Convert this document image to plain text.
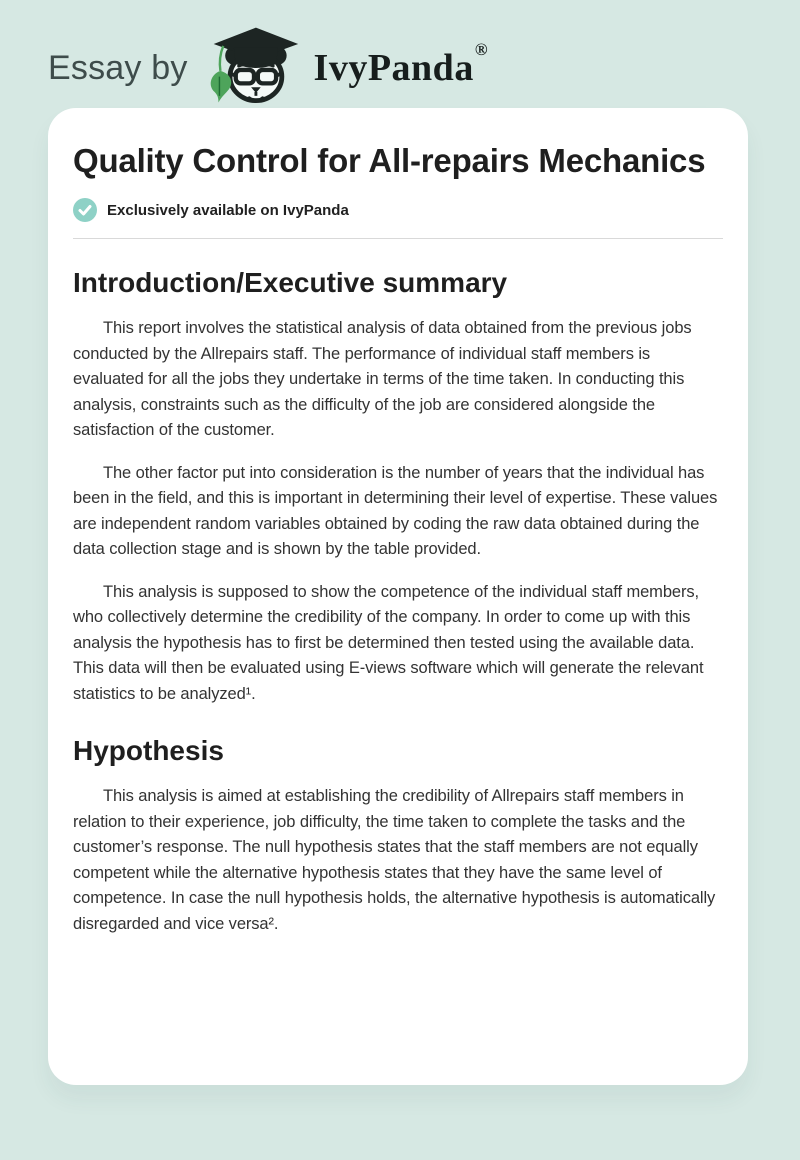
Essay by	IvyPanda®
Quality Control for All-repairs Mechanics
Exclusively available on IvyPanda
Introduction/Executive summary

This report involves the statistical analysis of data obtained from the previous jobs conducted by the Allrepairs staff. The performance of individual staff members is evaluated for all the jobs they undertake in terms of the time taken. In conducting this analysis, constraints such as the difficulty of the job are considered alongside the satisfaction of the customer.

The other factor put into consideration is the number of years that the individual has been in the field, and this is important in determining their level of expertise. These values are independent random variables obtained by coding the raw data obtained during the data collection stage and is shown by the table provided.

This analysis is supposed to show the competence of the individual staff members, who collectively determine the credibility of the company. In order to come up with this analysis the hypothesis has to first be determined then tested using the available data. This data will then be evaluated using E-views software which will generate the relevant statistics to be analyzed¹.

Hypothesis

This analysis is aimed at establishing the credibility of Allrepairs staff members in relation to their experience, job difficulty, the time taken to complete the tasks and the customer’s response. The null hypothesis states that the staff members are not equally competent while the alternative hypothesis states that they have the same level of competence. In case the null hypothesis holds, the alternative hypothesis is automatically disregarded and vice versa².
